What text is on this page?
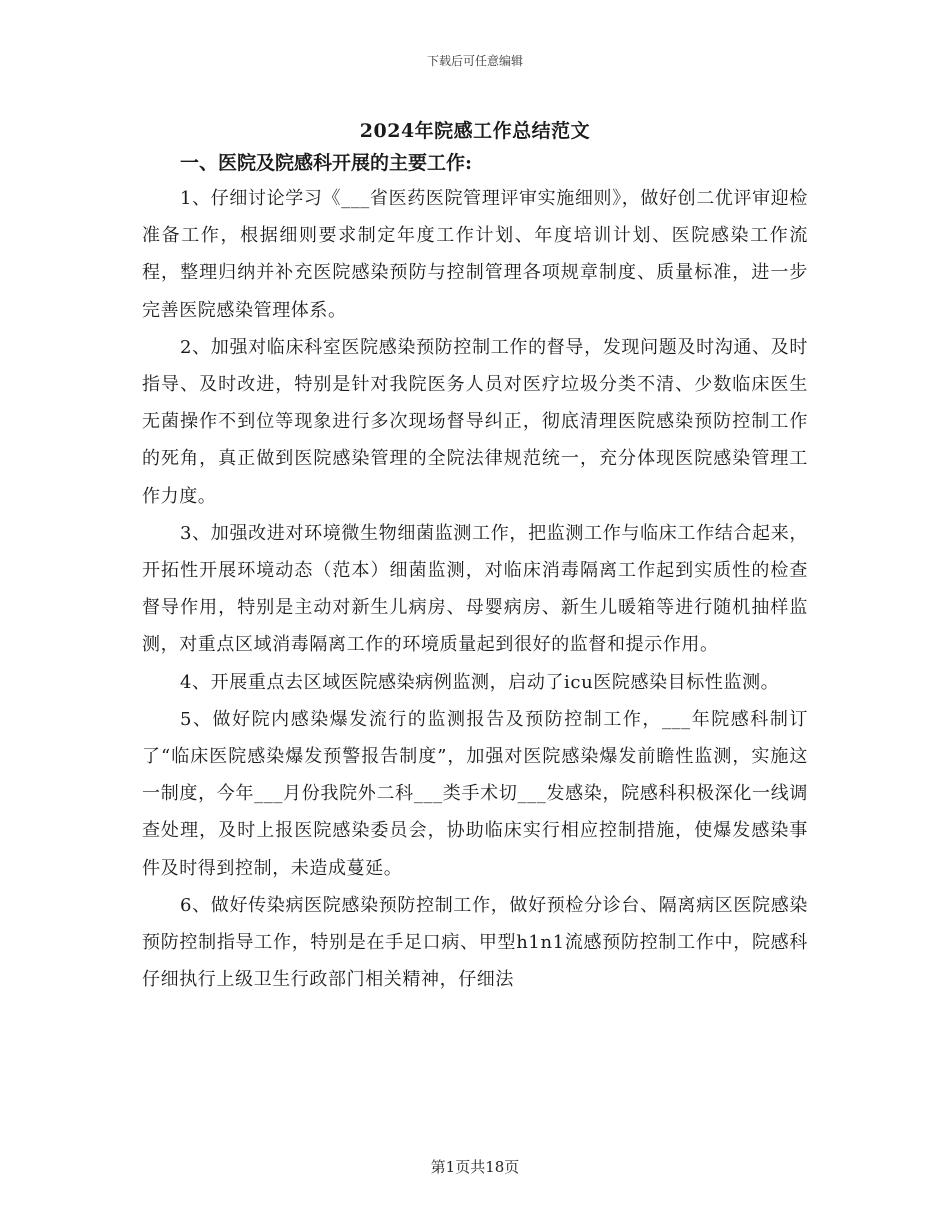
下载后可任意编辑
2024年院感工作总结范文

一、医院及院感科开展的主要工作:

1、仔细讨论学习《___省医药医院管理评审实施细则》，做好创二优评审迎检准备工作，根据细则要求制定年度工作计划、年度培训计划、医院感染工作流程，整理归纳并补充医院感染预防与控制管理各项规章制度、质量标准，进一步完善医院感染管理体系。

2、加强对临床科室医院感染预防控制工作的督导，发现问题及时沟通、及时指导、及时改进，特别是针对我院医务人员对医疗垃圾分类不清、少数临床医生无菌操作不到位等现象进行多次现场督导纠正，彻底清理医院感染预防控制工作的死角，真正做到医院感染管理的全院法律规范统一，充分体现医院感染管理工作力度。

3、加强改进对环境微生物细菌监测工作，把监测工作与临床工作结合起来，开拓性开展环境动态（范本）细菌监测，对临床消毒隔离工作起到实质性的检查督导作用，特别是主动对新生儿病房、母婴病房、新生儿暖箱等进行随机抽样监测，对重点区域消毒隔离工作的环境质量起到很好的监督和提示作用。

4、开展重点去区域医院感染病例监测，启动了icu医院感染目标性监测。

5、做好院内感染爆发流行的监测报告及预防控制工作，___年院感科制订了“临床医院感染爆发预警报告制度”，加强对医院感染爆发前瞻性监测，实施这一制度，今年___月份我院外二科___类手术切___发感染，院感科积极深化一线调查处理，及时上报医院感染委员会，协助临床实行相应控制措施，使爆发感染事件及时得到控制，未造成蔓延。

6、做好传染病医院感染预防控制工作，做好预检分诊台、隔离病区医院感染预防控制指导工作，特别是在手足口病、甲型h1n1流感预防控制工作中，院感科仔细执行上级卫生行政部门相关精神，仔细法

第1页共18页
